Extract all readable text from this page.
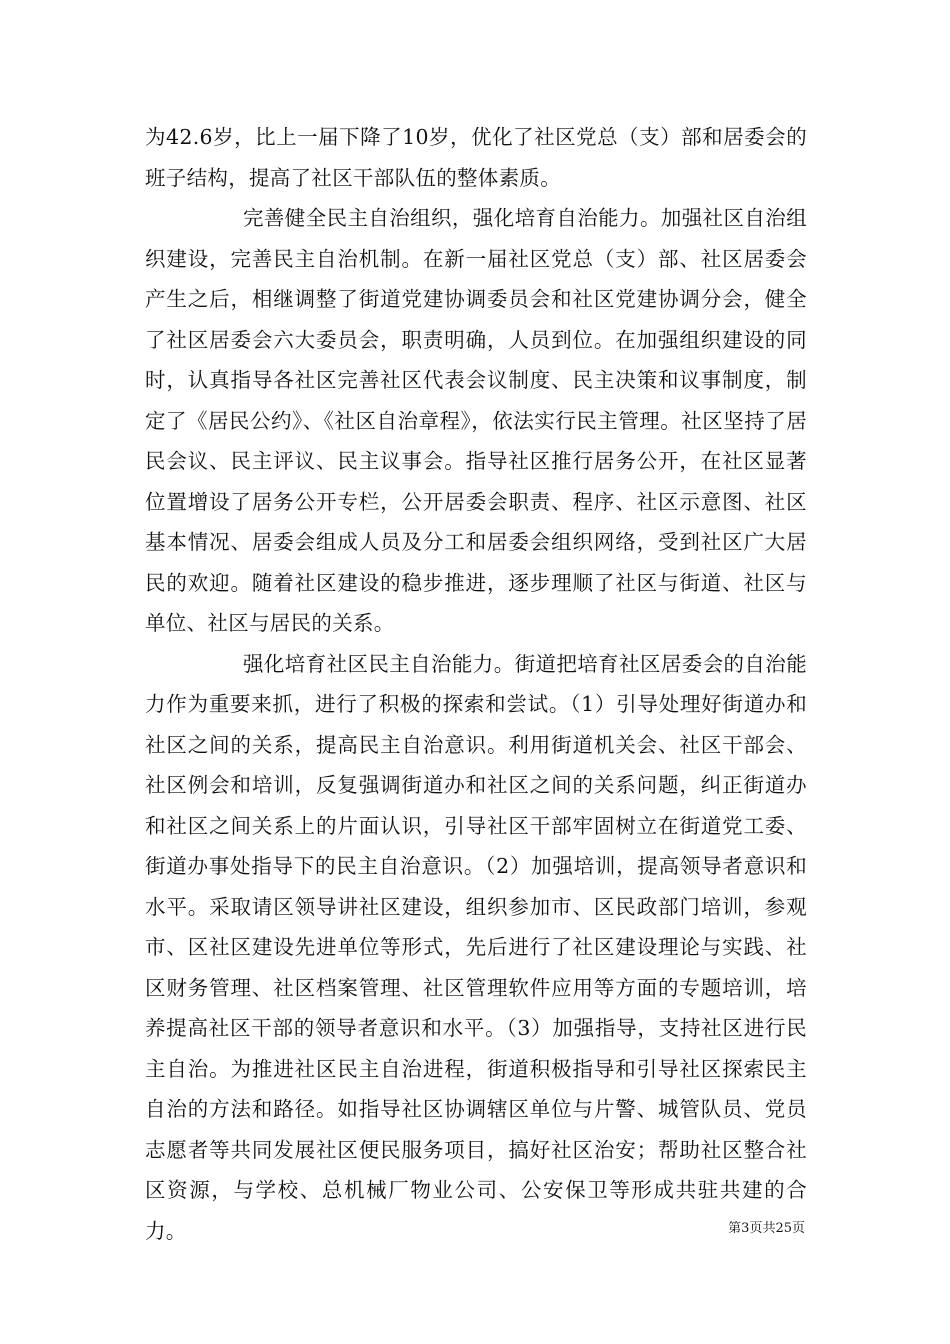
为42.6岁，比上一届下降了10岁，优化了社区党总（支）部和居委会的班子结构，提高了社区干部队伍的整体素质。

完善健全民主自治组织，强化培育自治能力。加强社区自治组织建设，完善民主自治机制。在新一届社区党总（支）部、社区居委会产生之后，相继调整了街道党建协调委员会和社区党建协调分会，健全了社区居委会六大委员会，职责明确，人员到位。在加强组织建设的同时，认真指导各社区完善社区代表会议制度、民主决策和议事制度，制定了《居民公约》、《社区自治章程》，依法实行民主管理。社区坚持了居民会议、民主评议、民主议事会。指导社区推行居务公开，在社区显著位置增设了居务公开专栏，公开居委会职责、程序、社区示意图、社区基本情况、居委会组成人员及分工和居委会组织网络，受到社区广大居民的欢迎。随着社区建设的稳步推进，逐步理顺了社区与街道、社区与单位、社区与居民的关系。

强化培育社区民主自治能力。街道把培育社区居委会的自治能力作为重要来抓，进行了积极的探索和尝试。（1）引导处理好街道办和社区之间的关系，提高民主自治意识。利用街道机关会、社区干部会、社区例会和培训，反复强调街道办和社区之间的关系问题，纠正街道办和社区之间关系上的片面认识，引导社区干部牢固树立在街道党工委、街道办事处指导下的民主自治意识。（2）加强培训，提高领导者意识和水平。采取请区领导讲社区建设，组织参加市、区民政部门培训，参观市、区社区建设先进单位等形式，先后进行了社区建设理论与实践、社区财务管理、社区档案管理、社区管理软件应用等方面的专题培训，培养提高社区干部的领导者意识和水平。（3）加强指导，支持社区进行民主自治。为推进社区民主自治进程，街道积极指导和引导社区探索民主自治的方法和路径。如指导社区协调辖区单位与片警、城管队员、党员志愿者等共同发展社区便民服务项目，搞好社区治安；帮助社区整合社区资源，与学校、总机械厂物业公司、公安保卫等形成共驻共建的合力。	第3页共25页
